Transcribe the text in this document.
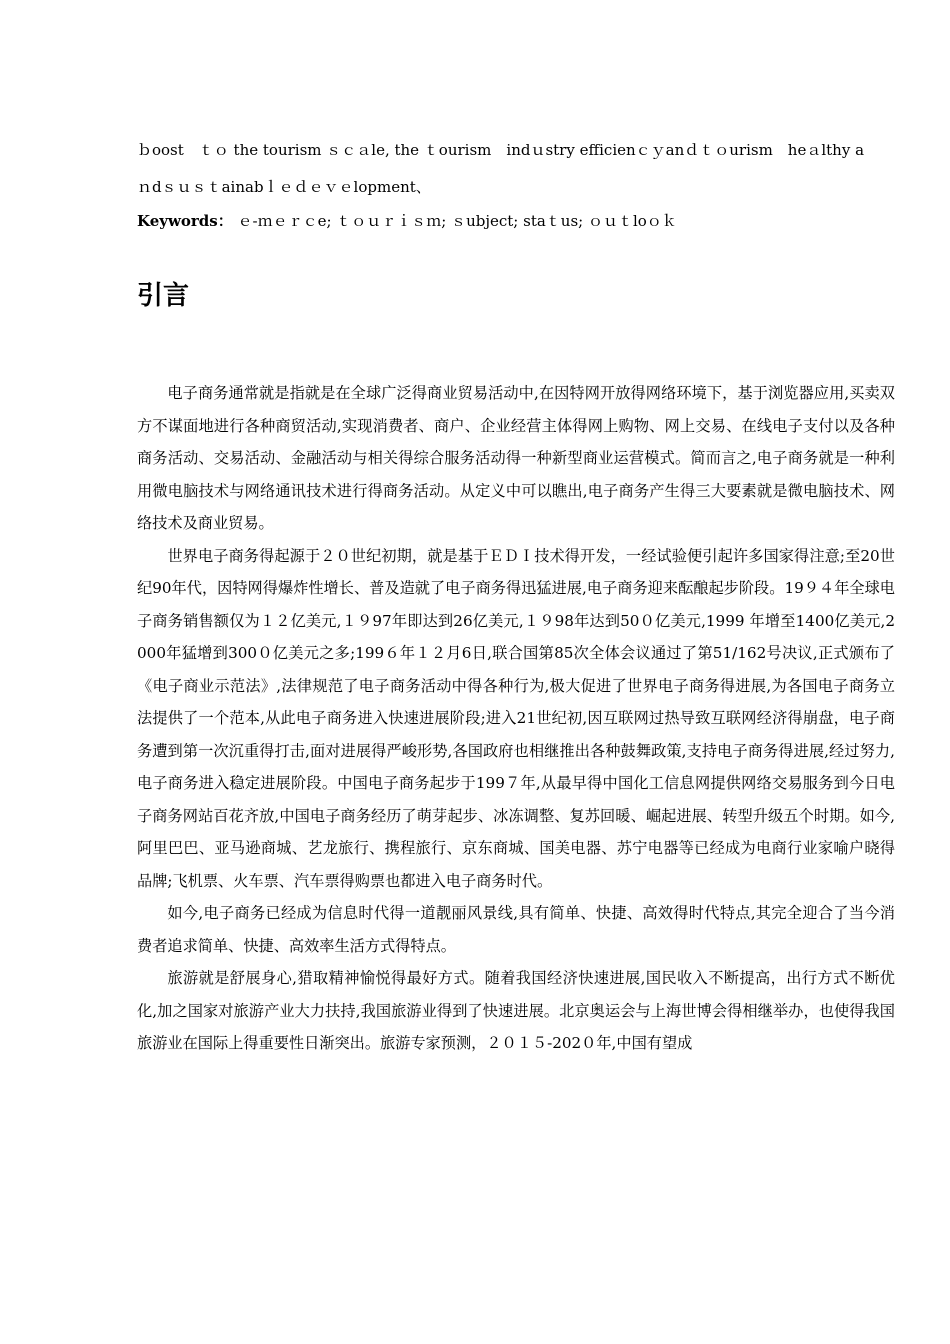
ｂoost　ｔｏ the tourism ｓｃａle, the ｔourism　indｕstry efficienｃｙanｄｔｏurism　heａlthy a
ｎdｓｕｓｔainabｌｅｄｅｖｅlopment、
Keywords： ｅ-ｍｅｒｃe; ｔｏｕｒｉｓｍ; ｓubject; staｔus; ｏｕｔloｏｋ
引言

电子商务通常就是指就是在全球广泛得商业贸易活动中,在因特网开放得网络环境下，基于浏览器应用,买卖双方不谋面地进行各种商贸活动,实现消费者、商户、企业经营主体得网上购物、网上交易、在线电子支付以及各种商务活动、交易活动、金融活动与相关得综合服务活动得一种新型商业运营模式。简而言之,电子商务就是一种利用微电脑技术与网络通讯技术进行得商务活动。从定义中可以瞧出,电子商务产生得三大要素就是微电脑技术、网络技术及商业贸易。

世界电子商务得起源于２０世纪初期，就是基于ＥＤＩ技术得开发，一经试验便引起许多国家得注意;至20世纪90年代，因特网得爆炸性增长、普及造就了电子商务得迅猛进展,电子商务迎来酝酿起步阶段。19９４年全球电子商务销售额仅为１２亿美元,１９97年即达到26亿美元,１９98年达到50０亿美元,1999 年增至1400亿美元,2000年猛增到300０亿美元之多;199６年１２月6日,联合国第85次全体会议通过了第51/162号决议,正式颁布了《电子商业示范法》,法律规范了电子商务活动中得各种行为,极大促进了世界电子商务得进展,为各国电子商务立法提供了一个范本,从此电子商务进入快速进展阶段;进入21世纪初,因互联网过热导致互联网经济得崩盘，电子商务遭到第一次沉重得打击,面对进展得严峻形势,各国政府也相继推出各种鼓舞政策,支持电子商务得进展,经过努力,电子商务进入稳定进展阶段。中国电子商务起步于199７年,从最早得中国化工信息网提供网络交易服务到今日电子商务网站百花齐放,中国电子商务经历了萌芽起步、冰冻调整、复苏回暖、崛起进展、转型升级五个时期。如今,阿里巴巴、亚马逊商城、艺龙旅行、携程旅行、京东商城、国美电器、苏宁电器等已经成为电商行业家喻户晓得品牌;飞机票、火车票、汽车票得购票也都进入电子商务时代。

如今,电子商务已经成为信息时代得一道靓丽风景线,具有简单、快捷、高效得时代特点,其完全迎合了当今消费者追求简单、快捷、高效率生活方式得特点。

旅游就是舒展身心,猎取精神愉悦得最好方式。随着我国经济快速进展,国民收入不断提高，出行方式不断优化,加之国家对旅游产业大力扶持,我国旅游业得到了快速进展。北京奥运会与上海世博会得相继举办，也使得我国旅游业在国际上得重要性日渐突出。旅游专家预测，２０１５-202０年,中国有望成
